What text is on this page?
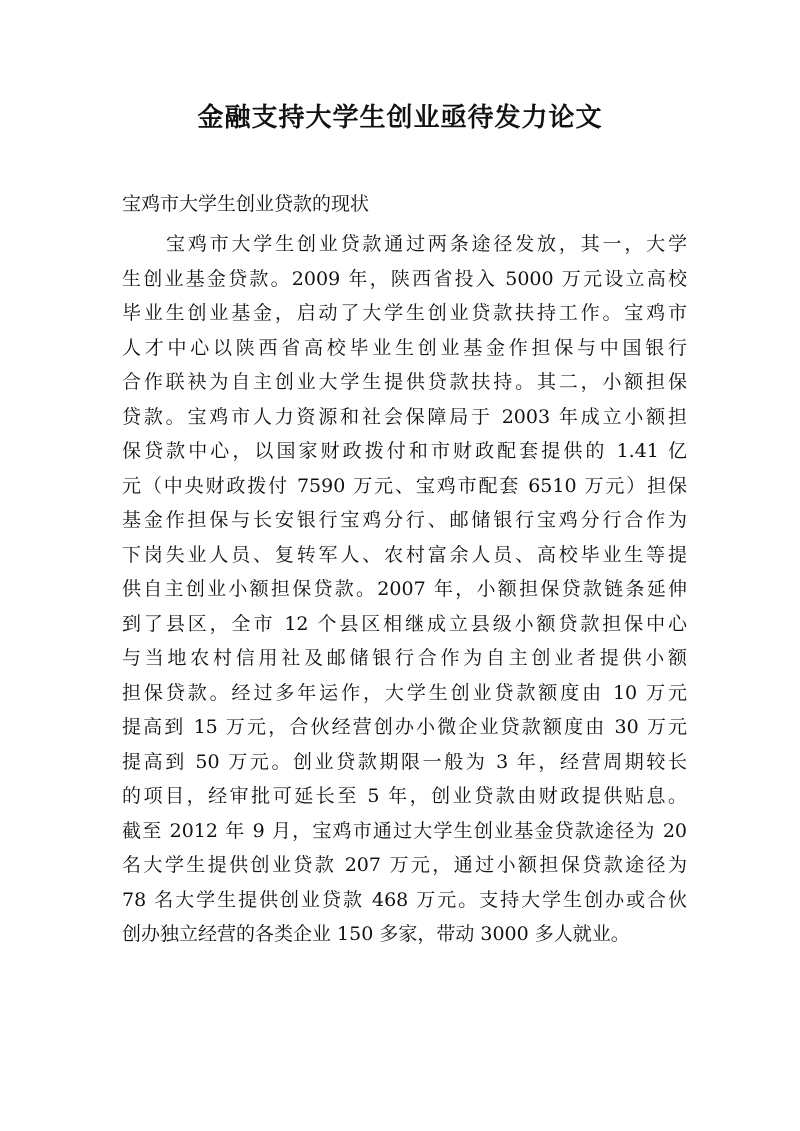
金融支持大学生创业亟待发力论文
宝鸡市大学生创业贷款的现状
宝鸡市大学生创业贷款通过两条途径发放，其一，大学
生创业基金贷款。2009 年，陕西省投入 5000 万元设立高校
毕业生创业基金，启动了大学生创业贷款扶持工作。宝鸡市
人才中心以陕西省高校毕业生创业基金作担保与中国银行
合作联袂为自主创业大学生提供贷款扶持。其二，小额担保
贷款。宝鸡市人力资源和社会保障局于 2003 年成立小额担
保贷款中心，以国家财政拨付和市财政配套提供的 1.41 亿
元（中央财政拨付 7590 万元、宝鸡市配套 6510 万元）担保
基金作担保与长安银行宝鸡分行、邮储银行宝鸡分行合作为
下岗失业人员、复转军人、农村富余人员、高校毕业生等提
供自主创业小额担保贷款。2007 年，小额担保贷款链条延伸
到了县区，全市 12 个县区相继成立县级小额贷款担保中心
与当地农村信用社及邮储银行合作为自主创业者提供小额
担保贷款。经过多年运作，大学生创业贷款额度由 10 万元
提高到 15 万元，合伙经营创办小微企业贷款额度由 30 万元
提高到 50 万元。创业贷款期限一般为 3 年，经营周期较长
的项目，经审批可延长至 5 年，创业贷款由财政提供贴息。
截至 2012 年 9 月，宝鸡市通过大学生创业基金贷款途径为 20
名大学生提供创业贷款 207 万元，通过小额担保贷款途径为
78 名大学生提供创业贷款 468 万元。支持大学生创办或合伙
创办独立经营的各类企业 150 多家，带动 3000 多人就业。
